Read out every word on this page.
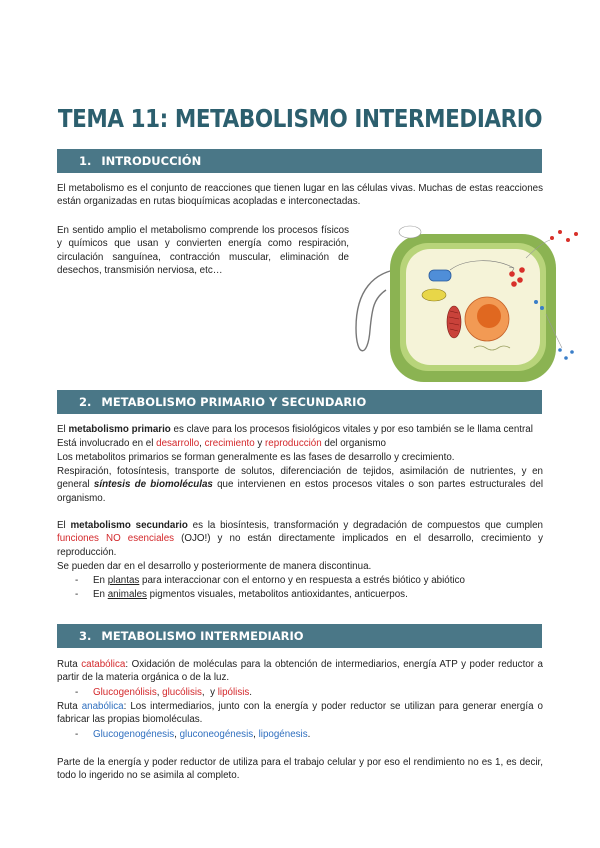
TEMA 11: METABOLISMO INTERMEDIARIO
1. INTRODUCCIÓN
El metabolismo es el conjunto de reacciones que tienen lugar en las células vivas. Muchas de estas reacciones están organizadas en rutas bioquímicas acopladas e interconectadas.
En sentido amplio el metabolismo comprende los procesos físicos y químicos que usan y convierten energía como respiración, circulación sanguínea, contracción muscular, eliminación de desechos, transmisión nerviosa, etc…
2. METABOLISMO PRIMARIO Y SECUNDARIO
El metabolismo primario es clave para los procesos fisiológicos vitales y por eso también se le llama central
Está involucrado en el desarrollo, crecimiento y reproducción del organismo
Los metabolitos primarios se forman generalmente es las fases de desarrollo y crecimiento.
Respiración, fotosíntesis, transporte de solutos, diferenciación de tejidos, asimilación de nutrientes, y en general síntesis de biomoléculas que intervienen en estos procesos vitales o son partes estructurales del organismo.
El metabolismo secundario es la biosíntesis, transformación y degradación de compuestos que cumplen funciones NO esenciales (OJO!) y no están directamente implicados en el desarrollo, crecimiento y reproducción.
Se pueden dar en el desarrollo y posteriormente de manera discontinua.
- En plantas para interaccionar con el entorno y en respuesta a estrés biótico y abiótico
- En animales pigmentos visuales, metabolitos antioxidantes, anticuerpos.
3. METABOLISMO INTERMEDIARIO
Ruta catabólica: Oxidación de moléculas para la obtención de intermediarios, energía ATP y poder reductor a partir de la materia orgánica o de la luz.
- Glucogenólisis, glucólisis,  y lipólisis.
Ruta anabólica: Los intermediarios, junto con la energía y poder reductor se utilizan para generar energía o fabricar las propias biomoléculas.
- Glucogenogénesis, gluconeogénesis, lipogénesis.
Parte de la energía y poder reductor de utiliza para el trabajo celular y por eso el rendimiento no es 1, es decir, todo lo ingerido no se asimila al completo.
